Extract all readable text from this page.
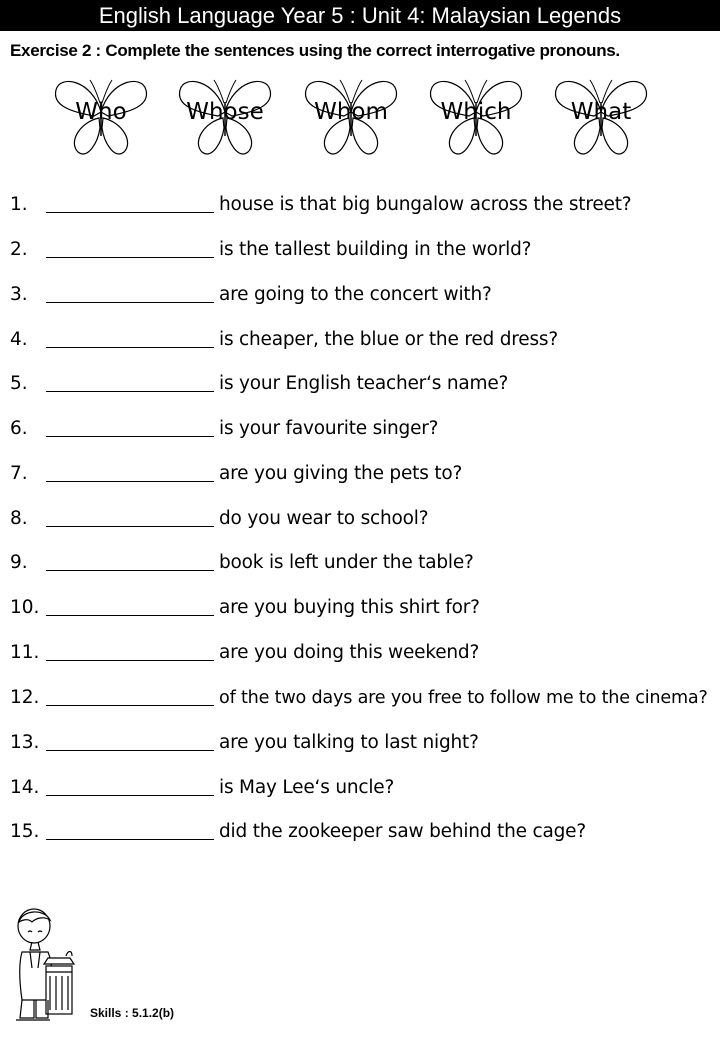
English Language Year 5 : Unit 4: Malaysian Legends
Exercise 2 : Complete the sentences using the correct interrogative pronouns.
Who	Whose	Whom	Which	What
1.	house is that big bungalow across the street?
2.	is the tallest building in the world?
3.	are going to the concert with?
4.	is cheaper, the blue or the red dress?
5.	is your English teacher‘s name?
6.	is your favourite singer?
7.	are you giving the pets to?
8.	do you wear to school?
9.	book is left under the table?
10.	are you buying this shirt for?
11.	are you doing this weekend?
12.	of the two days are you free to follow me to the cinema?
13.	are you talking to last night?
14.	is May Lee‘s uncle?
15.	did the zookeeper saw behind the cage?
Skills : 5.1.2(b)
